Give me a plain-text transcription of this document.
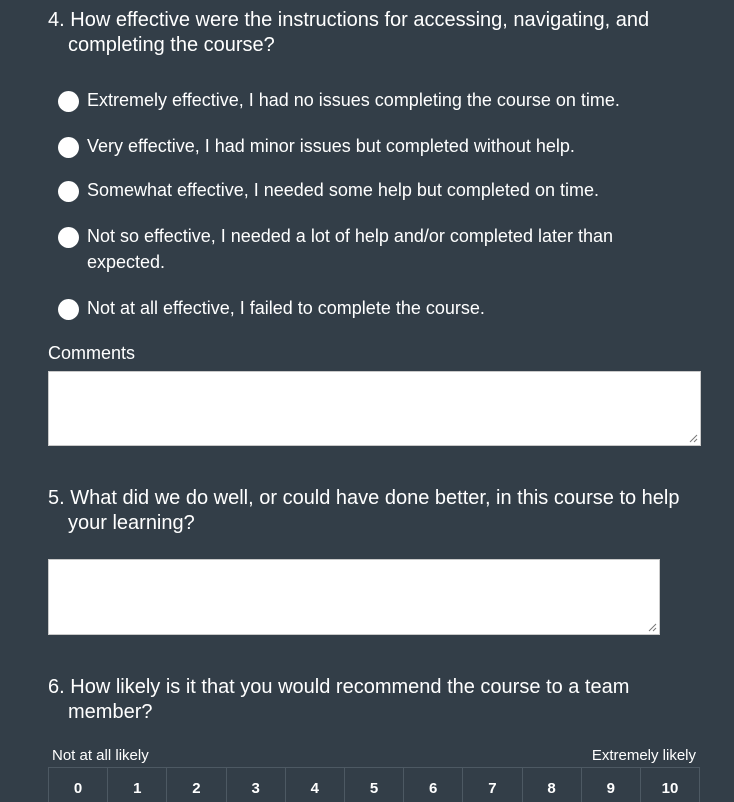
4. How effective were the instructions for accessing, navigating, and
completing the course?
Extremely effective, I had no issues completing the course on time.
Very effective, I had minor issues but completed without help.
Somewhat effective, I needed some help but completed on time.
Not so effective, I needed a lot of help and/or completed later than
expected.
Not at all effective, I failed to complete the course.
Comments
5. What did we do well, or could have done better, in this course to help
your learning?
6. How likely is it that you would recommend the course to a team
member?
Not at all likely	Extremely likely
0	1	2	3	4	5	6	7	8	9	10
